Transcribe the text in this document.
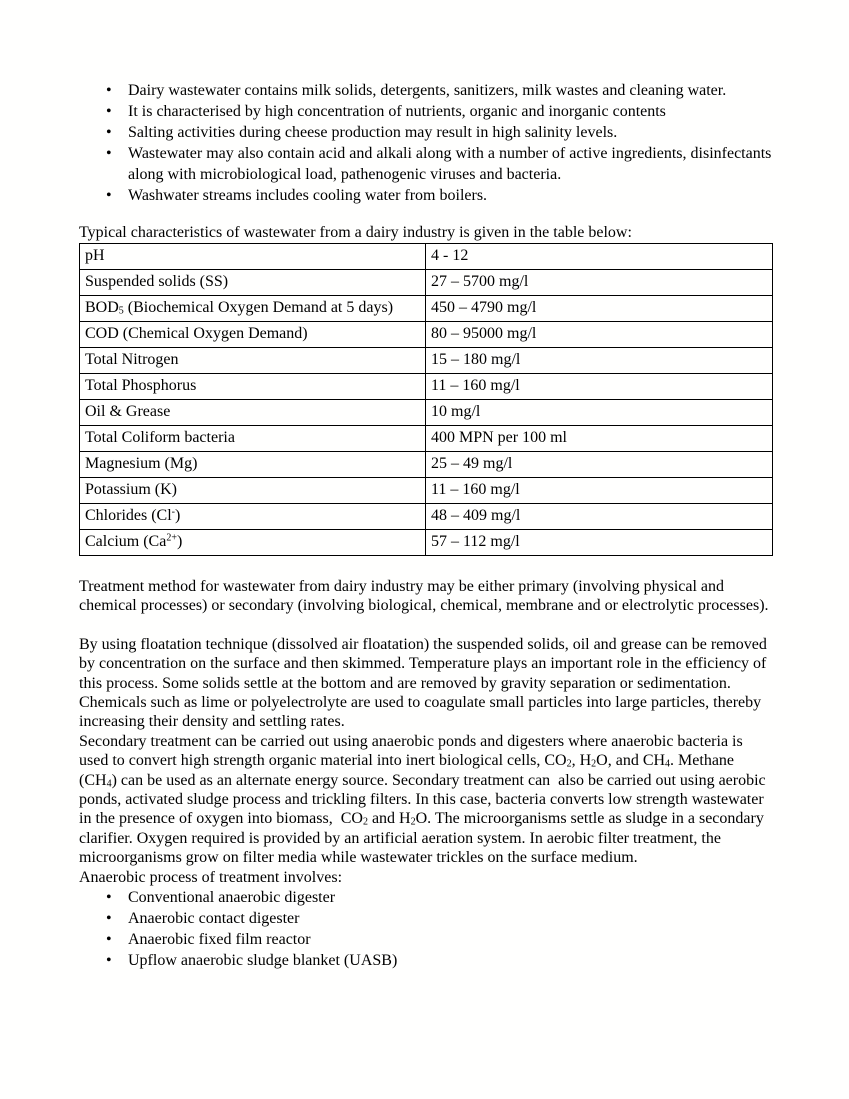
• Dairy wastewater contains milk solids, detergents, sanitizers, milk wastes and cleaning water.
• It is characterised by high concentration of nutrients, organic and inorganic contents
• Salting activities during cheese production may result in high salinity levels.
• Wastewater may also contain acid and alkali along with a number of active ingredients, disinfectants along with microbiological load, pathenogenic viruses and bacteria.
• Washwater streams includes cooling water from boilers.

Typical characteristics of wastewater from a dairy industry is given in the table below:

pH	4 - 12
Suspended solids (SS)	27 – 5700 mg/l
$BOD_5$ (Biochemical Oxygen Demand at 5 days)	450 – 4790 mg/l
COD (Chemical Oxygen Demand)	80 – 95000 mg/l
Total Nitrogen	15 – 180 mg/l
Total Phosphorus	11 – 160 mg/l
Oil & Grease	10 mg/l
Total Coliform bacteria	400 MPN per 100 ml
Magnesium (Mg)	25 – 49 mg/l
Potassium (K)	11 – 160 mg/l
Chlorides (Cl-)	48 – 409 mg/l
Calcium $(Ca^{2+})$	57 – 112 mg/l

Treatment method for wastewater from dairy industry may be either primary (involving physical and chemical processes) or secondary (involving biological, chemical, membrane and or electrolytic processes).

By using floatation technique (dissolved air floatation) the suspended solids, oil and grease can be removed by concentration on the surface and then skimmed. Temperature plays an important role in the efficiency of this process. Some solids settle at the bottom and are removed by gravity separation or sedimentation.

Chemicals such as lime or polyelectrolyte are used to coagulate small particles into large particles, thereby increasing their density and settling rates.

Secondary treatment can be carried out using anaerobic ponds and digesters where anaerobic bacteria is used to convert high strength organic material into inert biological cells, $CO_2$, $H_2O$, and $CH_4$. Methane $(CH_4)$ can be used as an alternate energy source. Secondary treatment can  also be carried out using aerobic ponds, activated sludge process and trickling filters. In this case, bacteria converts low strength wastewater in the presence of oxygen into biomass,  $CO_2$ and $H_2O$. The microorganisms settle as sludge in a secondary clarifier. Oxygen required is provided by an artificial aeration system. In aerobic filter treatment, the microorganisms grow on filter media while wastewater trickles on the surface medium.

Anaerobic process of treatment involves:

• Conventional anaerobic digester
• Anaerobic contact digester
• Anaerobic fixed film reactor
• Upflow anaerobic sludge blanket (UASB)
